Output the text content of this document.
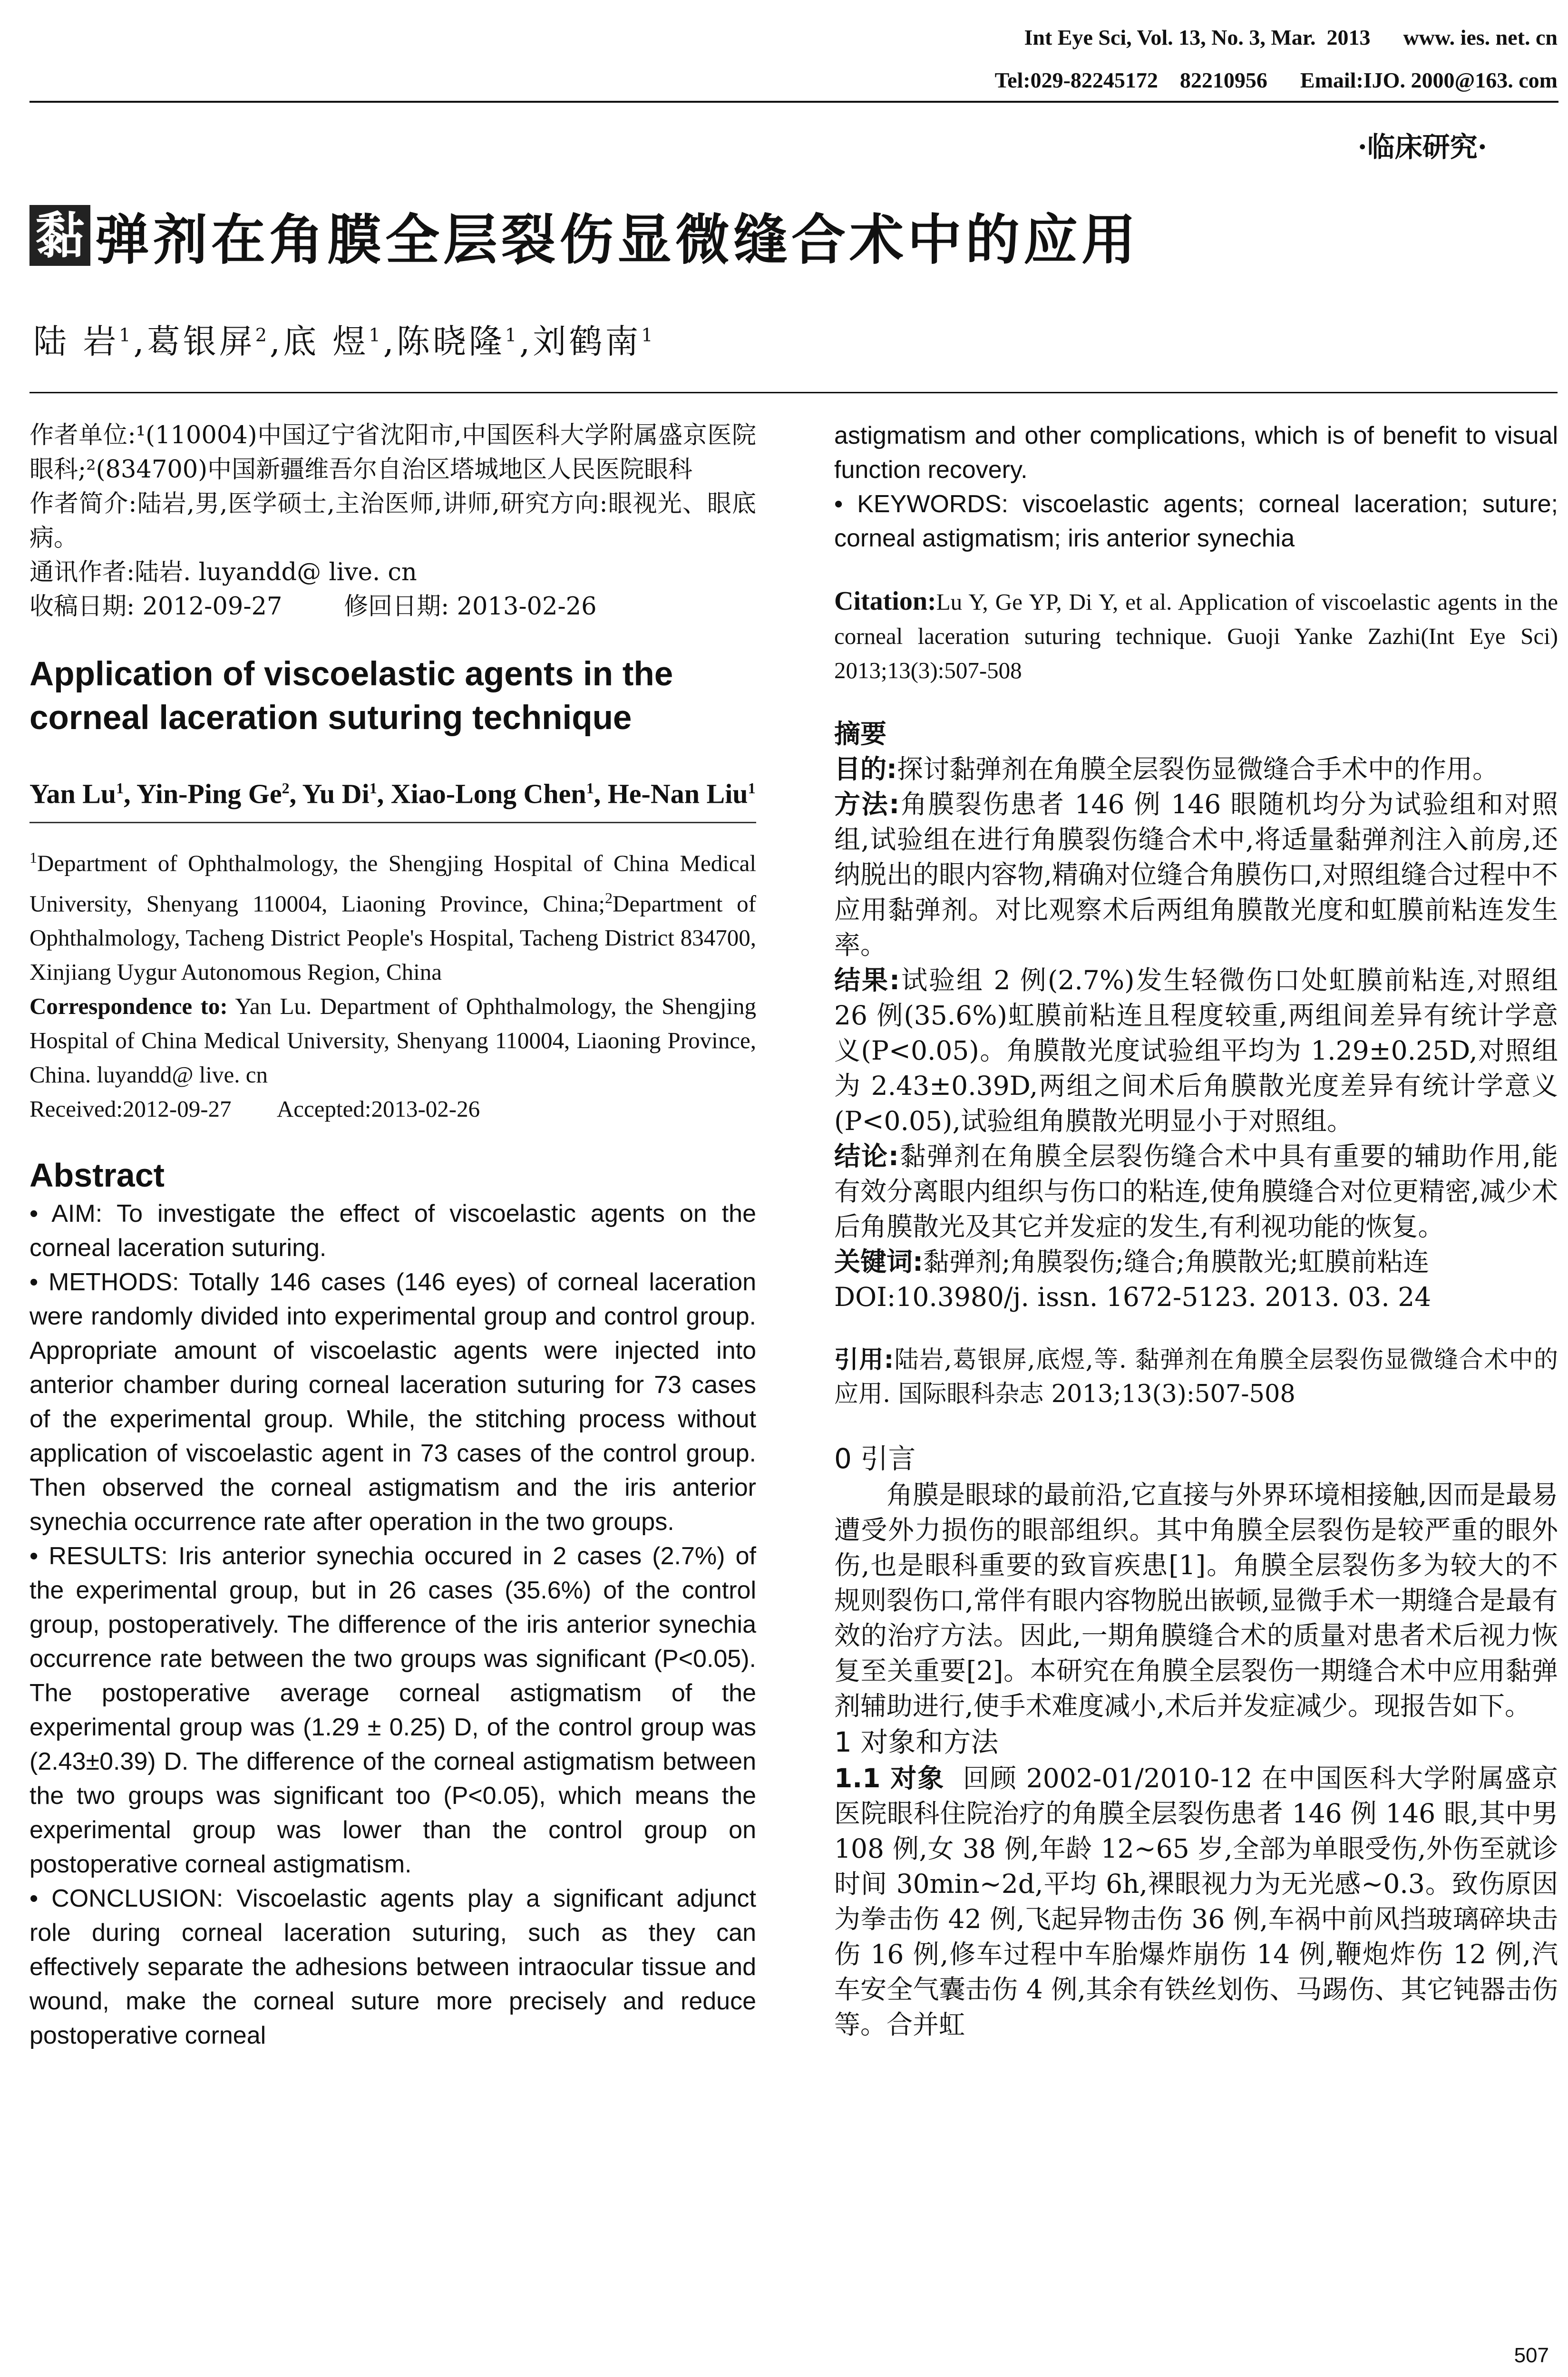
Int Eye Sci, Vol. 13, No. 3, Mar.  2013      www. ies. net. cn
Tel:029-82245172    82210956      Email:IJO. 2000@163. com
·临床研究·
黏 弹剂在角膜全层裂伤显微缝合术中的应用
陆 岩$^1$,葛银屏$^2$,底 煜$^1$,陈晓隆$^1$,刘鹤南$^1$

作者单位:¹(110004)中国辽宁省沈阳市,中国医科大学附属盛京医院眼科;²(834700)中国新疆维吾尔自治区塔城地区人民医院眼科

作者简介:陆岩,男,医学硕士,主治医师,讲师,研究方向:眼视光、眼底病。

通讯作者:陆岩. luyandd@ live. cn

收稿日期: 2012-09-27        修回日期: 2013-02-26

Application of viscoelastic agents in the corneal laceration suturing technique

Yan Lu$^1$, Yin-Ping Ge$^2$, Yu Di$^1$, Xiao-Long Chen$^1$, He-Nan Liu$^1$

$^1$Department of Ophthalmology, the Shengjing Hospital of China Medical University, Shenyang 110004, Liaoning Province, China;$^2$Department of Ophthalmology, Tacheng District People's Hospital, Tacheng District 834700, Xinjiang Uygur Autonomous Region, China

Correspondence to: Yan Lu. Department of Ophthalmology, the Shengjing Hospital of China Medical University, Shenyang 110004, Liaoning Province, China. luyandd@ live. cn

Received:2012-09-27        Accepted:2013-02-26

Abstract

• AIM: To investigate the effect of viscoelastic agents on the corneal laceration suturing.

• METHODS: Totally 146 cases (146 eyes) of corneal laceration were randomly divided into experimental group and control group. Appropriate amount of viscoelastic agents were injected into anterior chamber during corneal laceration suturing for 73 cases of the experimental group. While, the stitching process without application of viscoelastic agent in 73 cases of the control group. Then observed the corneal astigmatism and the iris anterior synechia occurrence rate after operation in the two groups.

• RESULTS: Iris anterior synechia occured in 2 cases (2.7%) of the experimental group, but in 26 cases (35.6%) of the control group, postoperatively. The difference of the iris anterior synechia occurrence rate between the two groups was significant (P<0.05). The postoperative average corneal astigmatism of the experimental group was (1.29 ± 0.25) D, of the control group was (2.43±0.39) D. The difference of the corneal astigmatism between the two groups was significant too (P<0.05), which means the experimental group was lower than the control group on postoperative corneal astigmatism.

• CONCLUSION: Viscoelastic agents play a significant adjunct role during corneal laceration suturing, such as they can effectively separate the adhesions between intraocular tissue and wound, make the corneal suture more precisely and reduce postoperative corneal

astigmatism and other complications, which is of benefit to visual function recovery.

• KEYWORDS: viscoelastic agents; corneal laceration; suture; corneal astigmatism; iris anterior synechia

Citation:Lu Y, Ge YP, Di Y, et al. Application of viscoelastic agents in the corneal laceration suturing technique. Guoji Yanke Zazhi(Int Eye Sci) 2013;13(3):507-508

摘要

目的:探讨黏弹剂在角膜全层裂伤显微缝合手术中的作用。

方法:角膜裂伤患者 146 例 146 眼随机均分为试验组和对照组,试验组在进行角膜裂伤缝合术中,将适量黏弹剂注入前房,还纳脱出的眼内容物,精确对位缝合角膜伤口,对照组缝合过程中不应用黏弹剂。对比观察术后两组角膜散光度和虹膜前粘连发生率。

结果:试验组 2 例(2.7%)发生轻微伤口处虹膜前粘连,对照组 26 例(35.6%)虹膜前粘连且程度较重,两组间差异有统计学意义(P<0.05)。角膜散光度试验组平均为 1.29±0.25D,对照组为 2.43±0.39D,两组之间术后角膜散光度差异有统计学意义(P<0.05),试验组角膜散光明显小于对照组。

结论:黏弹剂在角膜全层裂伤缝合术中具有重要的辅助作用,能有效分离眼内组织与伤口的粘连,使角膜缝合对位更精密,减少术后角膜散光及其它并发症的发生,有利视功能的恢复。

关键词:黏弹剂;角膜裂伤;缝合;角膜散光;虹膜前粘连

DOI:10.3980/j. issn. 1672-5123. 2013. 03. 24

引用:陆岩,葛银屏,底煜,等. 黏弹剂在角膜全层裂伤显微缝合术中的应用. 国际眼科杂志 2013;13(3):507-508

0 引言

角膜是眼球的最前沿,它直接与外界环境相接触,因而是最易遭受外力损伤的眼部组织。其中角膜全层裂伤是较严重的眼外伤,也是眼科重要的致盲疾患[1]。角膜全层裂伤多为较大的不规则裂伤口,常伴有眼内容物脱出嵌顿,显微手术一期缝合是最有效的治疗方法。因此,一期角膜缝合术的质量对患者术后视力恢复至关重要[2]。本研究在角膜全层裂伤一期缝合术中应用黏弹剂辅助进行,使手术难度减小,术后并发症减少。现报告如下。

1 对象和方法

1.1 对象  回顾 2002-01/2010-12 在中国医科大学附属盛京医院眼科住院治疗的角膜全层裂伤患者 146 例 146 眼,其中男 108 例,女 38 例,年龄 12~65 岁,全部为单眼受伤,外伤至就诊时间 30min~2d,平均 6h,裸眼视力为无光感~0.3。致伤原因为拳击伤 42 例,飞起异物击伤 36 例,车祸中前风挡玻璃碎块击伤 16 例,修车过程中车胎爆炸崩伤 14 例,鞭炮炸伤 12 例,汽车安全气囊击伤 4 例,其余有铁丝划伤、马踢伤、其它钝器击伤等。合并虹

507
